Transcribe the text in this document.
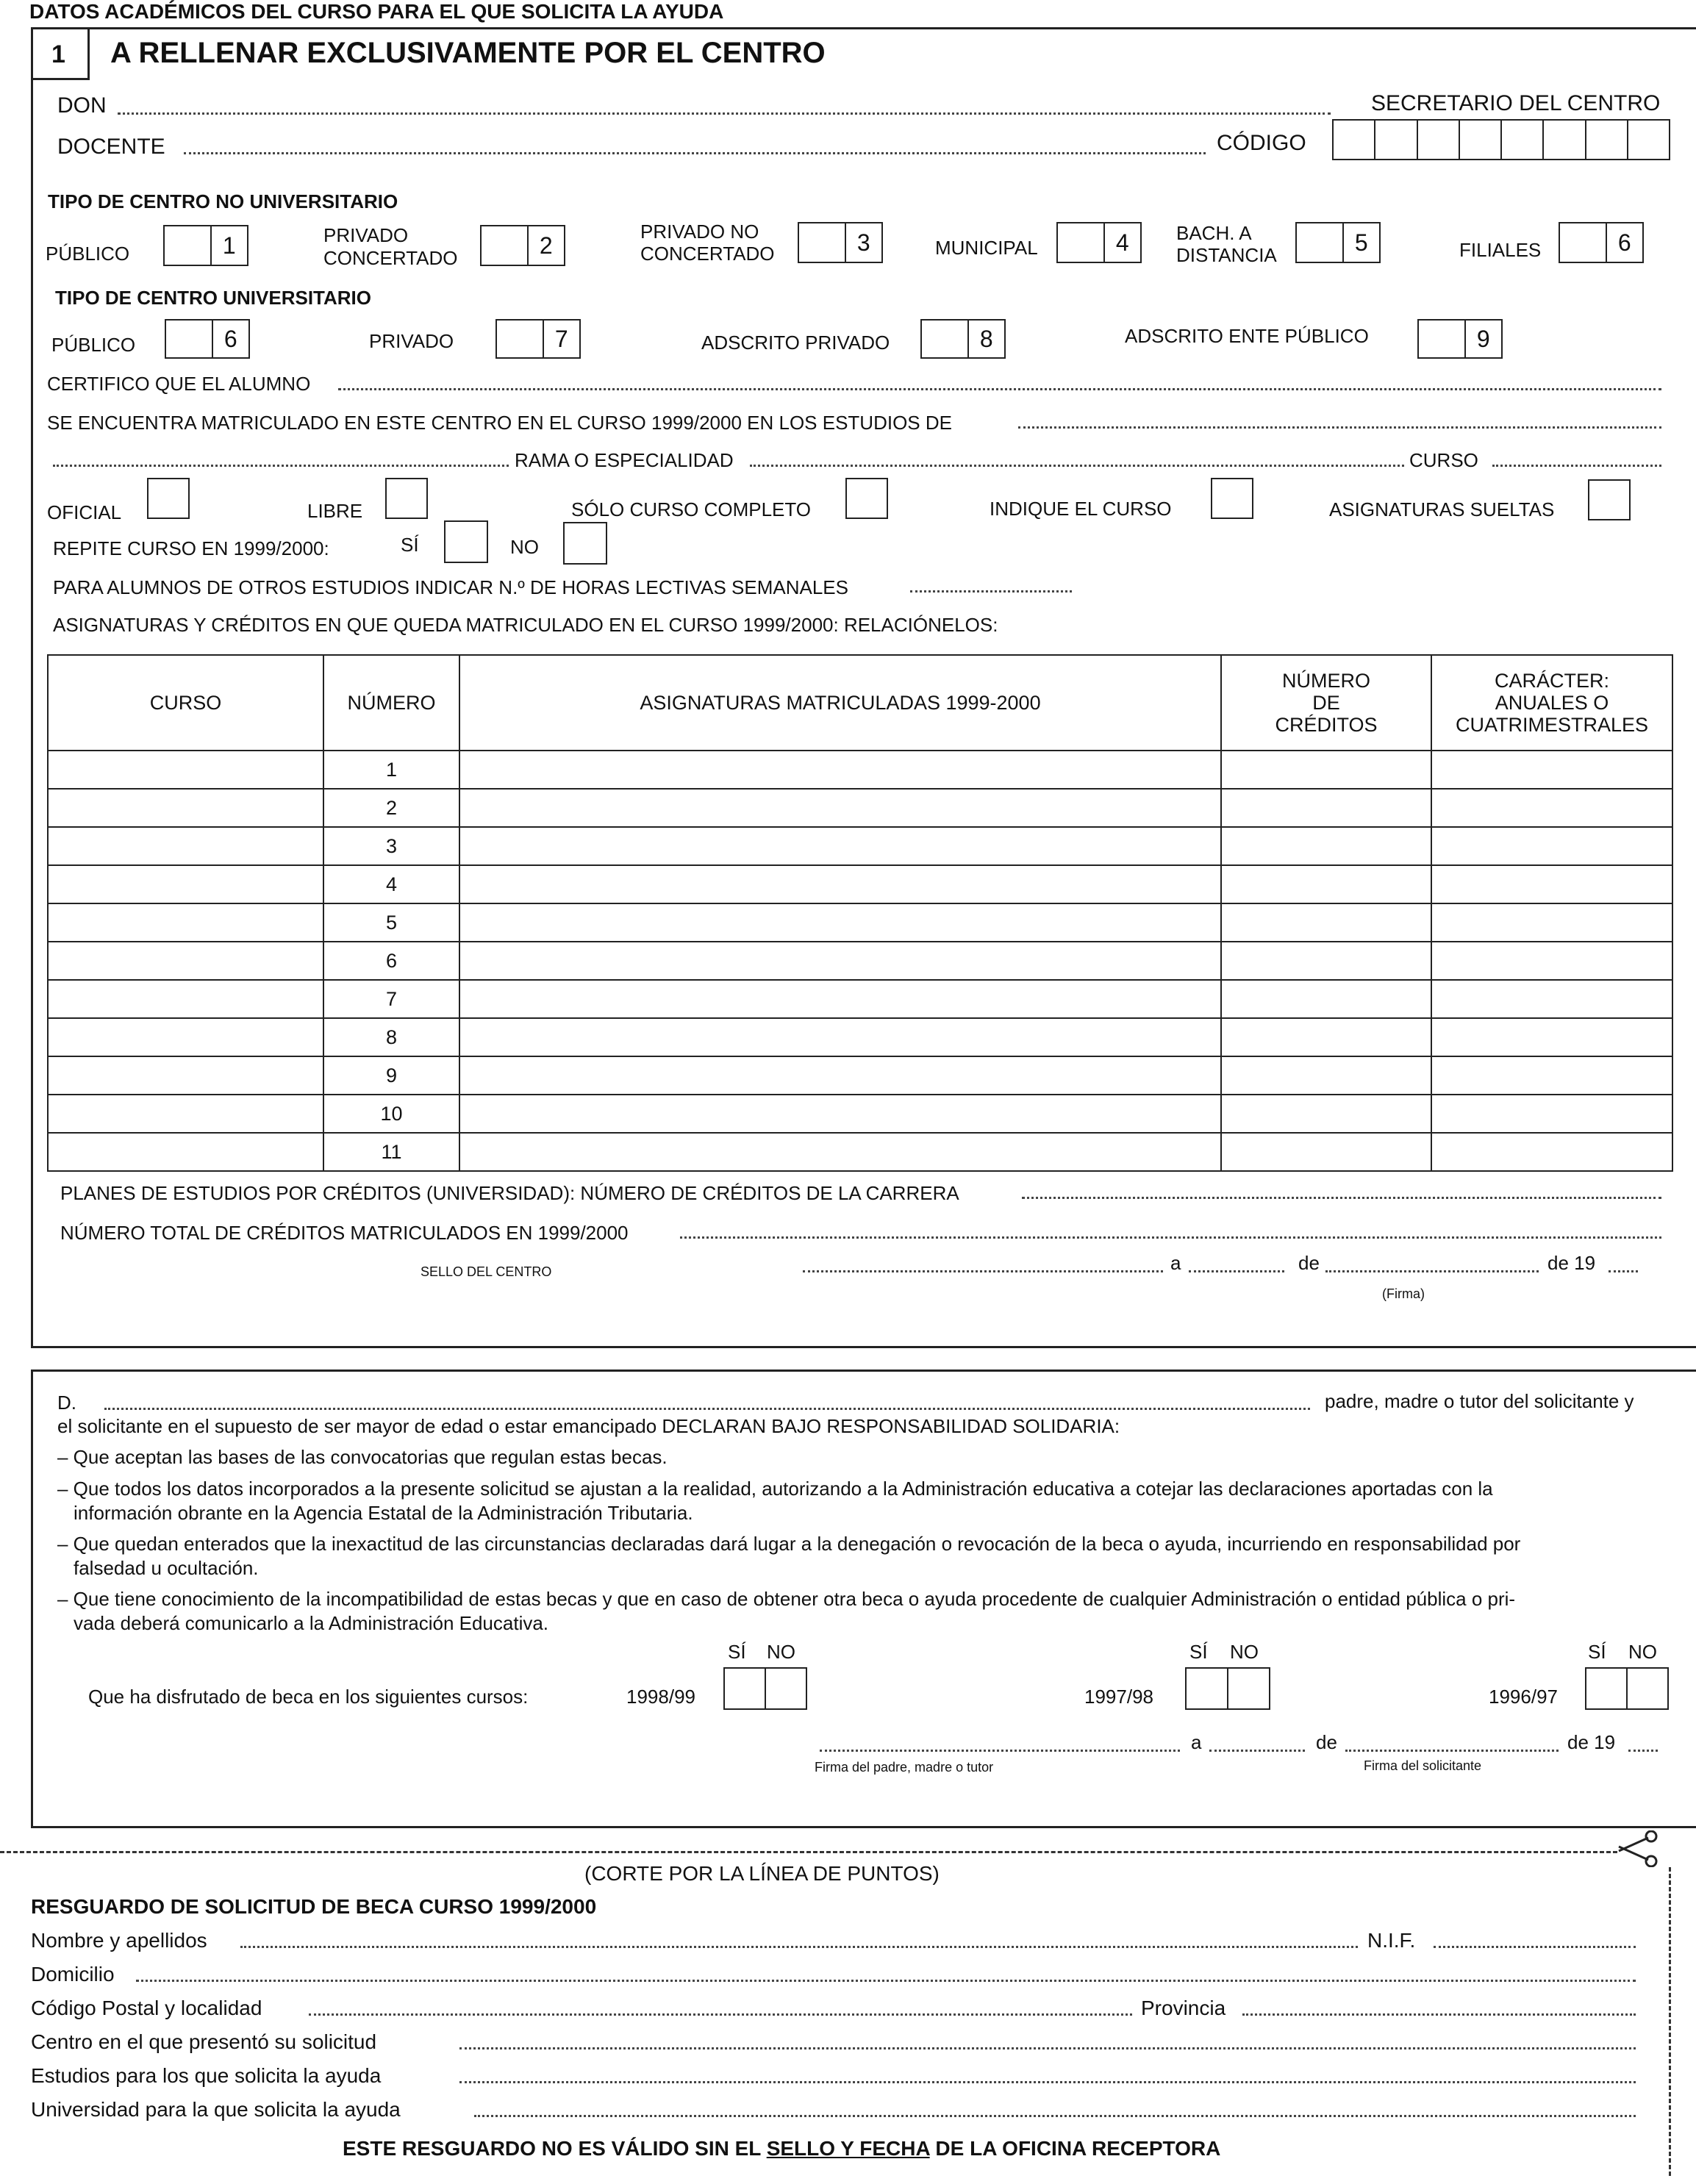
DATOS ACADÉMICOS DEL CURSO PARA EL QUE SOLICITA LA AYUDA
1 A RELLENAR EXCLUSIVAMENTE POR EL CENTRO
DON	SECRETARIO DEL CENTRO
DOCENTE	CÓDIGO
TIPO DE CENTRO NO UNIVERSITARIO
PÚBLICO	1	PRIVADO
CONCERTADO	2
PRIVADO NO
CONCERTADO	3	MUNICIPAL	4	BACH. A
DISTANCIA	5	FILIALES	6
TIPO DE CENTRO UNIVERSITARIO
PÚBLICO	6	PRIVADO	7	ADSCRITO PRIVADO	8	ADSCRITO ENTE PÚBLICO	9
CERTIFICO QUE EL ALUMNO
SE ENCUENTRA MATRICULADO EN ESTE CENTRO EN EL CURSO 1999/2000 EN LOS ESTUDIOS DE
RAMA O ESPECIALIDAD	CURSO
OFICIAL	LIBRE	SÓLO CURSO COMPLETO	INDIQUE EL CURSO	ASIGNATURAS SUELTAS
REPITE CURSO EN 1999/2000:	SÍ	NO
PARA ALUMNOS DE OTROS ESTUDIOS INDICAR N.º DE HORAS LECTIVAS SEMANALES
ASIGNATURAS Y CRÉDITOS EN QUE QUEDA MATRICULADO EN EL CURSO 1999/2000: RELACIÓNELOS:
CURSO	NÚMERO	ASIGNATURAS MATRICULADAS 1999-2000	NÚMERO
DE
CRÉDITOS	CARÁCTER:
ANUALES O
CUATRIMESTRALES
	1			
	2			
	3			
	4			
	5			
	6			
	7			
	8			
	9			
	10			
	11			
PLANES DE ESTUDIOS POR CRÉDITOS (UNIVERSIDAD): NÚMERO DE CRÉDITOS DE LA CARRERA
NÚMERO TOTAL DE CRÉDITOS MATRICULADOS EN 1999/2000
SELLO DEL CENTRO	a	de	de 19
(Firma)
D.	padre, madre o tutor del solicitante y
el solicitante en el supuesto de ser mayor de edad o estar emancipado DECLARAN BAJO RESPONSABILIDAD SOLIDARIA:
– Que aceptan las bases de las convocatorias que regulan estas becas.
– Que todos los datos incorporados a la presente solicitud se ajustan a la realidad, autorizando a la Administración educativa a cotejar las declaraciones aportadas con la
información obrante en la Agencia Estatal de la Administración Tributaria.
– Que quedan enterados que la inexactitud de las circunstancias declaradas dará lugar a la denegación o revocación de la beca o ayuda, incurriendo en responsabilidad por
falsedad u ocultación.
– Que tiene conocimiento de la incompatibilidad de estas becas y que en caso de obtener otra beca o ayuda procedente de cualquier Administración o entidad pública o pri-
vada deberá comunicarlo a la Administración Educativa.
SÍ NO	SÍ NO	SÍ NO
Que ha disfrutado de beca en los siguientes cursos:	1998/99	1997/98	1996/97
a	de	de 19
Firma del padre, madre o tutor	Firma del solicitante
(CORTE POR LA LÍNEA DE PUNTOS)
RESGUARDO DE SOLICITUD DE BECA CURSO 1999/2000
Nombre y apellidos	N.I.F.
Domicilio
Código Postal y localidad	Provincia
Centro en el que presentó su solicitud
Estudios para los que solicita la ayuda
Universidad para la que solicita la ayuda
ESTE RESGUARDO NO ES VÁLIDO SIN EL SELLO Y FECHA DE LA OFICINA RECEPTORA
